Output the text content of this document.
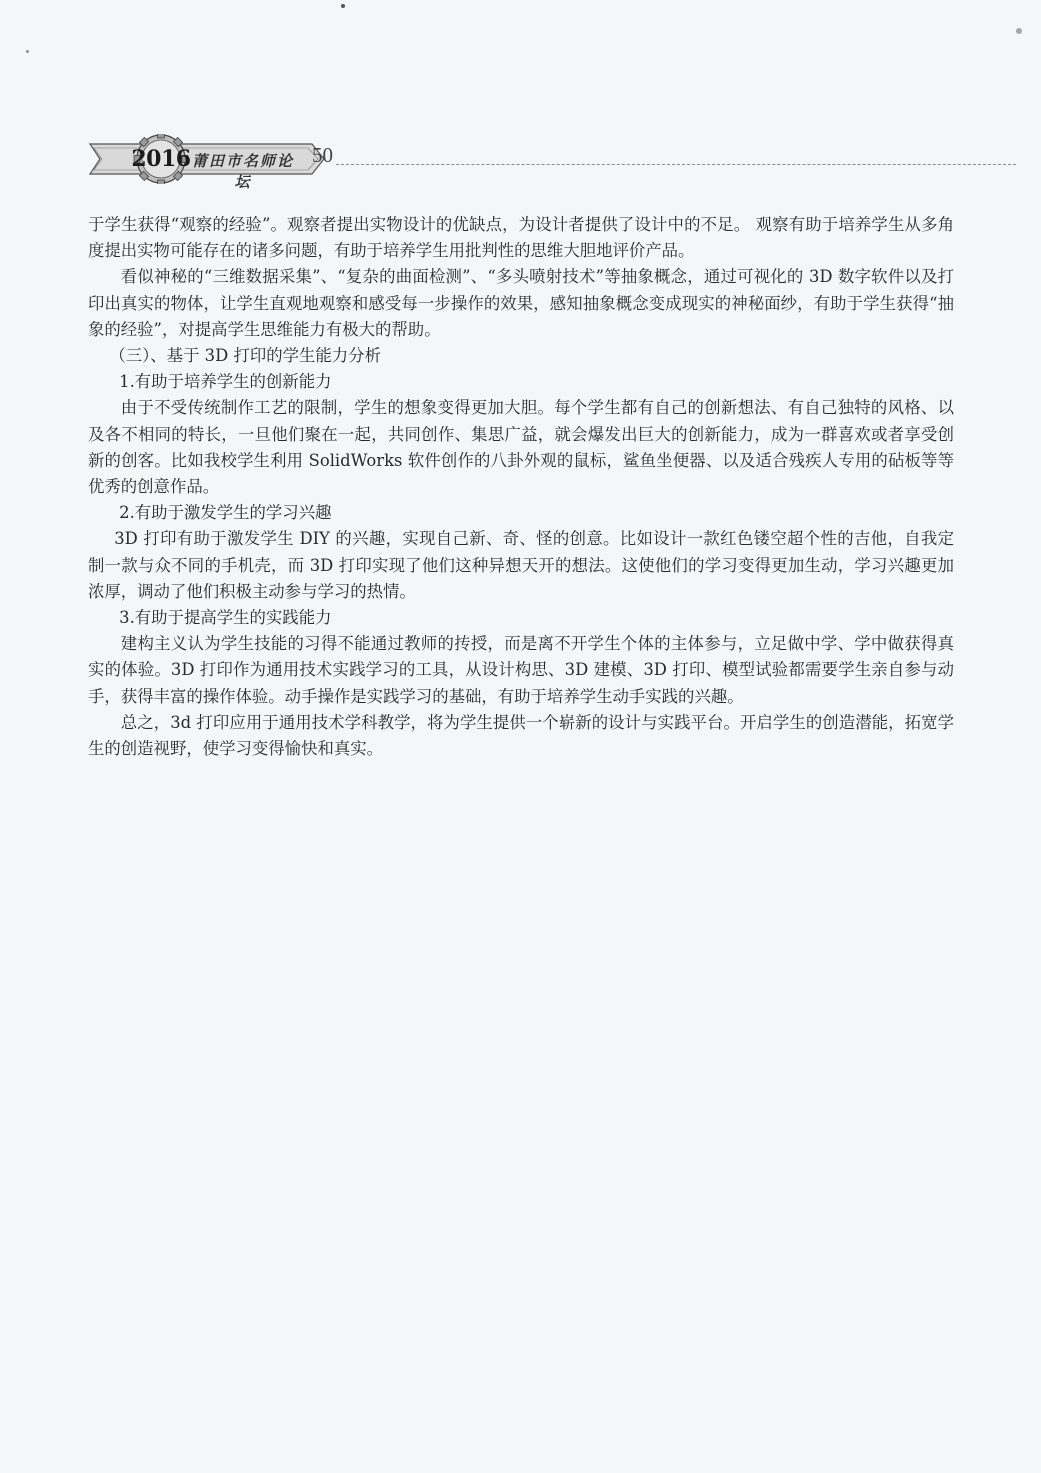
2016 莆田市名师论坛
50

于学生获得“观察的经验”。观察者提出实物设计的优缺点，为设计者提供了设计中的不足。 观察有助于培养学生从多角度提出实物可能存在的诸多问题，有助于培养学生用批判性的思维大胆地评价产品。

看似神秘的“三维数据采集”、“复杂的曲面检测”、“多头喷射技术”等抽象概念，通过可视化的 3D 数字软件以及打印出真实的物体，让学生直观地观察和感受每一步操作的效果，感知抽象概念变成现实的神秘面纱，有助于学生获得“抽象的经验”，对提高学生思维能力有极大的帮助。

（三）、基于 3D 打印的学生能力分析

1.有助于培养学生的创新能力

由于不受传统制作工艺的限制，学生的想象变得更加大胆。每个学生都有自己的创新想法、有自己独特的风格、以及各不相同的特长，一旦他们聚在一起，共同创作、集思广益，就会爆发出巨大的创新能力，成为一群喜欢或者享受创新的创客。比如我校学生利用 SolidWorks 软件创作的八卦外观的鼠标，鲨鱼坐便器、以及适合残疾人专用的砧板等等优秀的创意作品。

2.有助于激发学生的学习兴趣

3D 打印有助于激发学生 DIY 的兴趣，实现自己新、奇、怪的创意。比如设计一款红色镂空超个性的吉他，自我定制一款与众不同的手机壳，而 3D 打印实现了他们这种异想天开的想法。这使他们的学习变得更加生动，学习兴趣更加浓厚，调动了他们积极主动参与学习的热情。

3.有助于提高学生的实践能力

建构主义认为学生技能的习得不能通过教师的抟授，而是离不开学生个体的主体参与，立足做中学、学中做获得真实的体验。3D 打印作为通用技术实践学习的工具，从设计构思、3D 建模、3D 打印、模型试验都需要学生亲自参与动手，获得丰富的操作体验。动手操作是实践学习的基础，有助于培养学生动手实践的兴趣。

总之，3d 打印应用于通用技术学科教学，将为学生提供一个崭新的设计与实践平台。开启学生的创造潜能，拓宽学生的创造视野，使学习变得愉快和真实。
